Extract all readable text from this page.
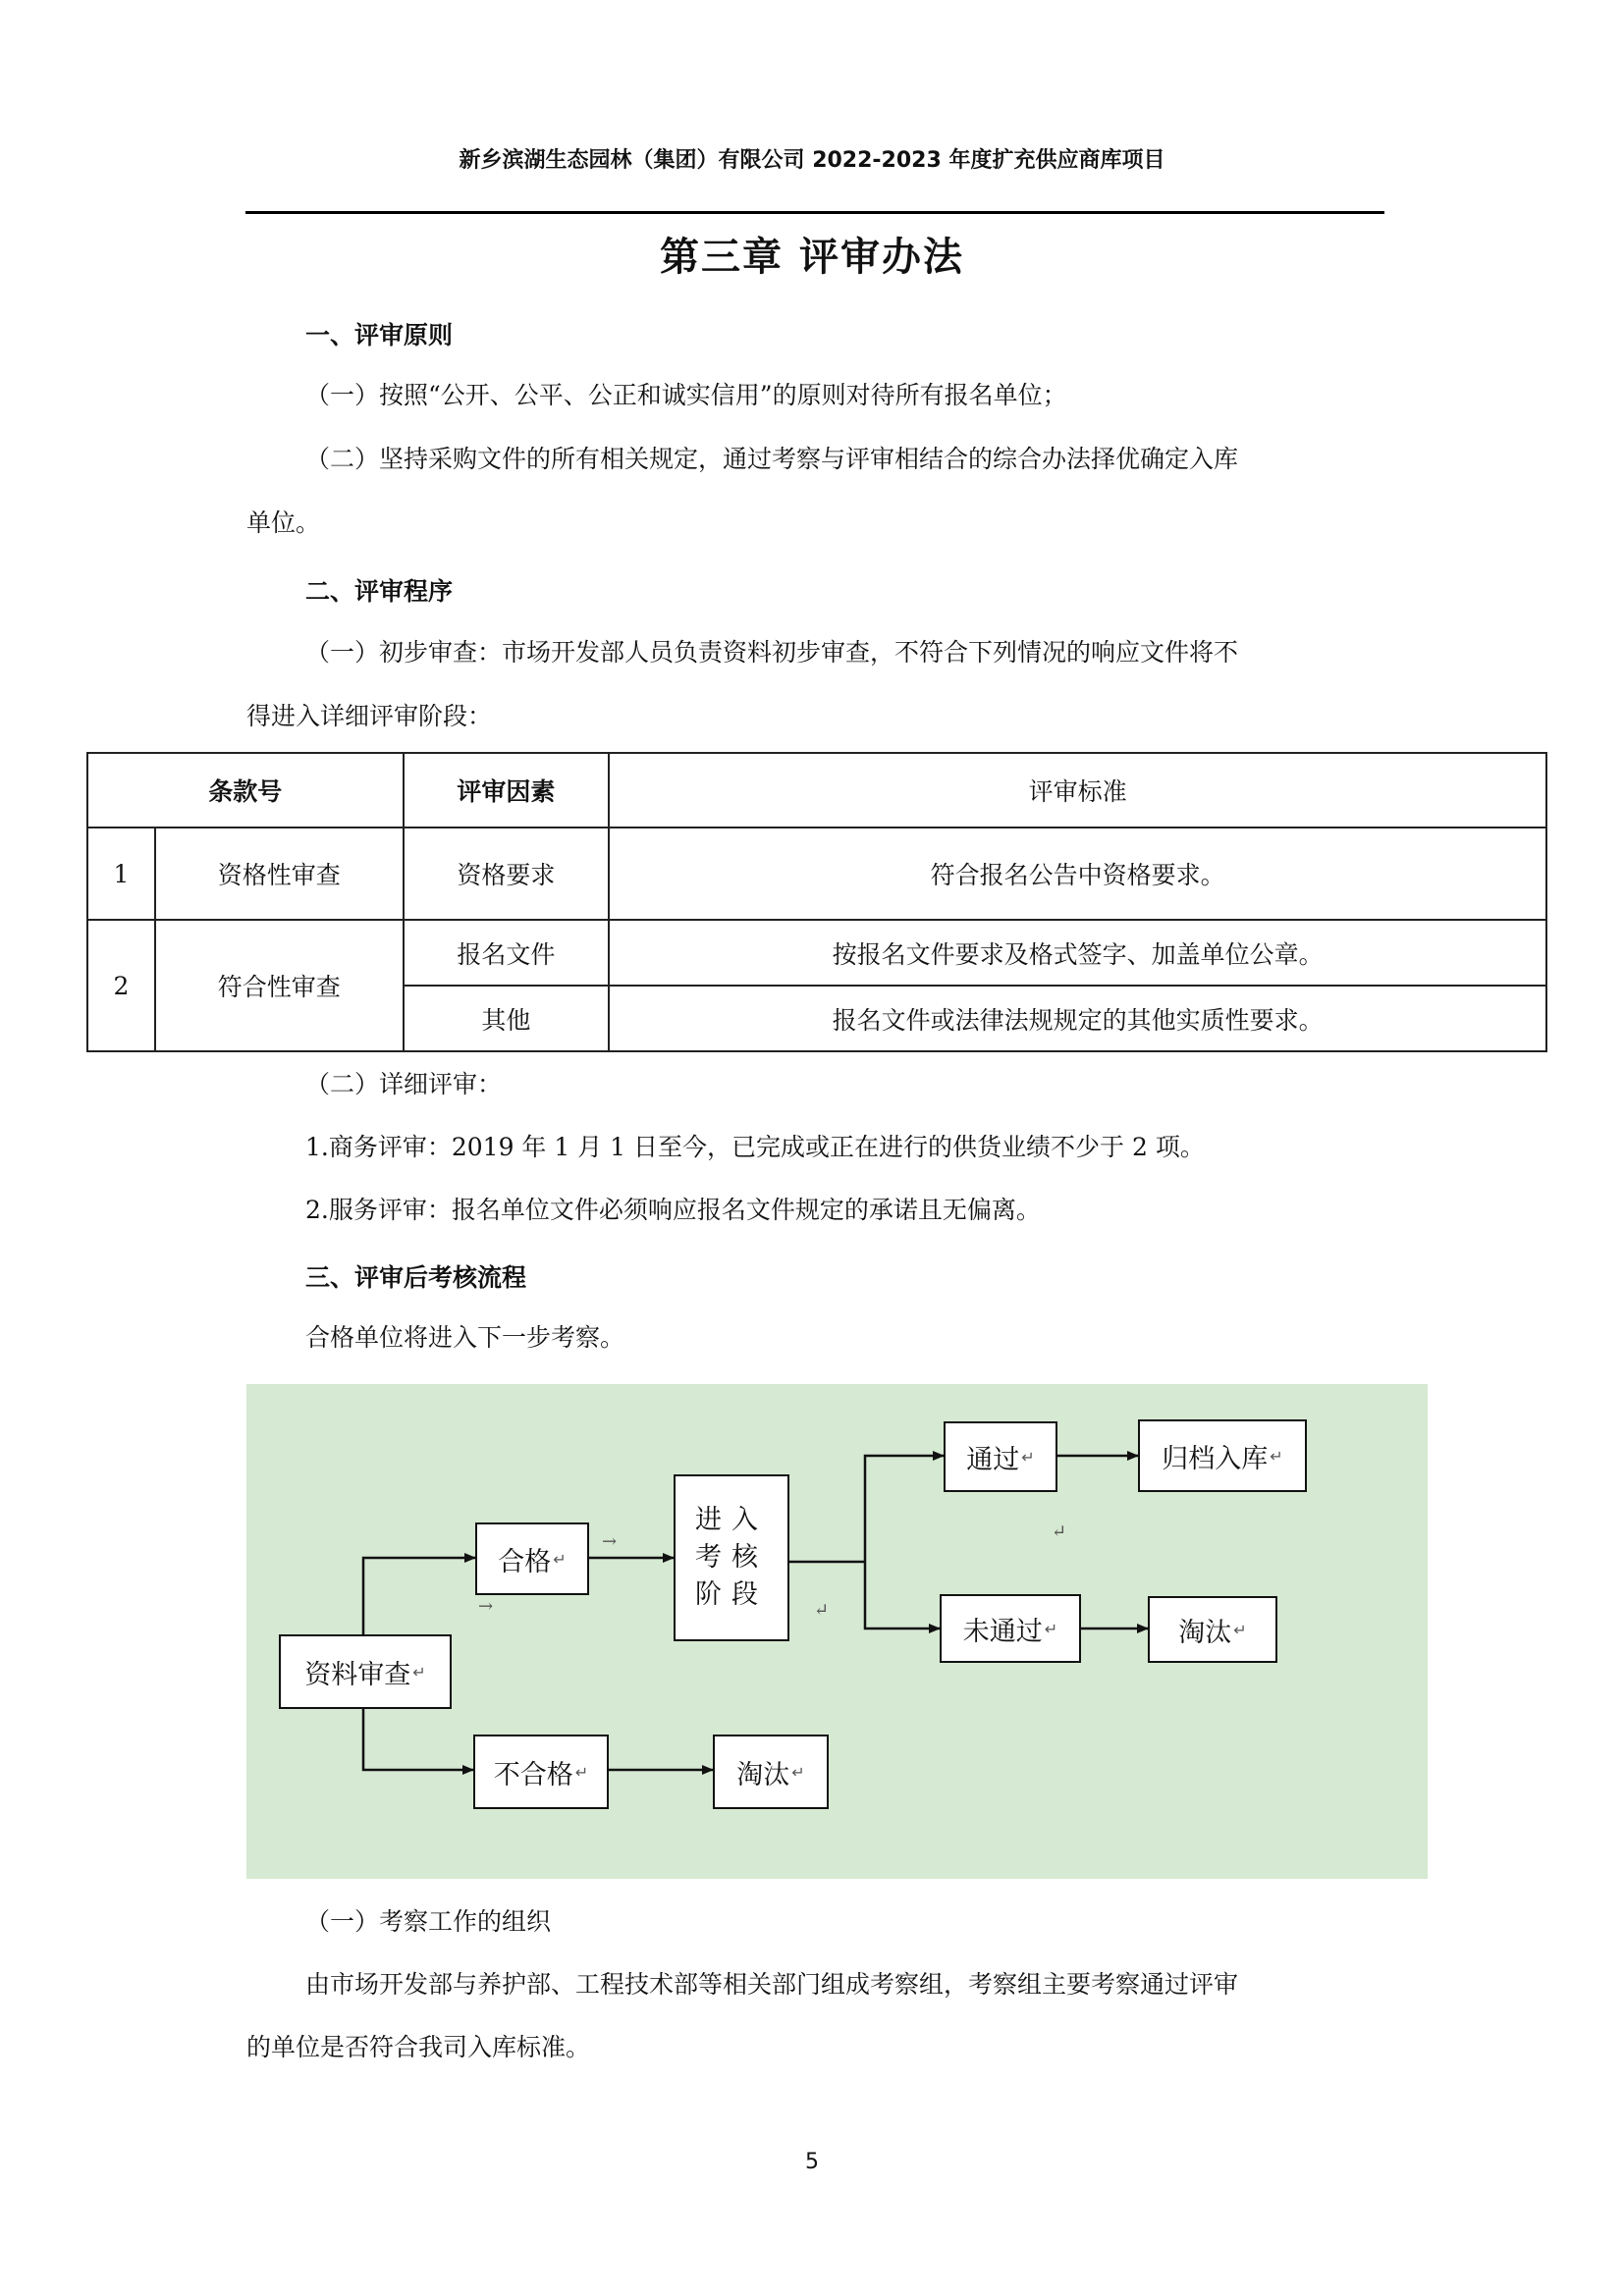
新乡滨湖生态园林（集团）有限公司 2022-2023 年度扩充供应商库项目
第三章 评审办法
一、评审原则
（一）按照“公开、公平、公正和诚实信用”的原则对待所有报名单位；
（二）坚持采购文件的所有相关规定，通过考察与评审相结合的综合办法择优确定入库
单位。
二、评审程序
（一）初步审查：市场开发部人员负责资料初步审查，不符合下列情况的响应文件将不
得进入详细评审阶段：
条款号		评审因素	评审标准
1	资格性审查	资格要求	符合报名公告中资格要求。
2	符合性审查	报名文件	按报名文件要求及格式签字、加盖单位公章。
		其他	报名文件或法律法规规定的其他实质性要求。
（二）详细评审：
1.商务评审：2019 年 1 月 1 日至今，已完成或正在进行的供货业绩不少于 2 项。
2.服务评审：报名单位文件必须响应报名文件规定的承诺且无偏离。
三、评审后考核流程
合格单位将进入下一步考察。
资料审查 ↵
合格 ↵
不合格 ↵	淘汰 ↵
进入
考核
阶段
通过 ↵	归档入库 ↵
未通过 ↵	淘汰 ↵
→
→
↵
↵
（一）考察工作的组织
由市场开发部与养护部、工程技术部等相关部门组成考察组，考察组主要考察通过评审
的单位是否符合我司入库标准。
5
